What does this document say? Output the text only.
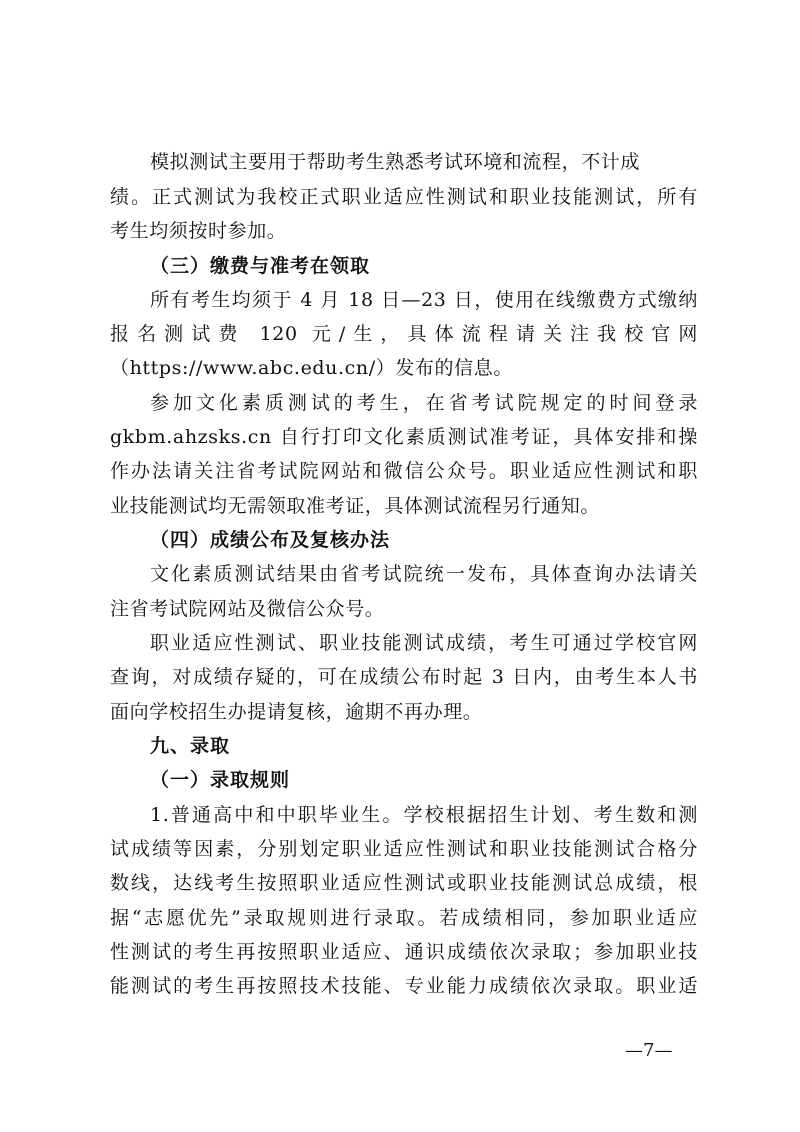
模拟测试主要用于帮助考生熟悉考试环境和流程，不计成
绩。正式测试为我校正式职业适应性测试和职业技能测试，所有
考生均须按时参加。
（三）缴费与准考在领取
所有考生均须于 4 月 18 日—23 日，使用在线缴费方式缴纳
报名测试费 120 元/生，具体流程请关注我校官网
（https://www.abc.edu.cn/）发布的信息。
参加文化素质测试的考生，在省考试院规定的时间登录
gkbm.ahzsks.cn 自行打印文化素质测试准考证，具体安排和操
作办法请关注省考试院网站和微信公众号。职业适应性测试和职
业技能测试均无需领取准考证，具体测试流程另行通知。
（四）成绩公布及复核办法
文化素质测试结果由省考试院统一发布，具体查询办法请关
注省考试院网站及微信公众号。
职业适应性测试、职业技能测试成绩，考生可通过学校官网
查询，对成绩存疑的，可在成绩公布时起 3 日内，由考生本人书
面向学校招生办提请复核，逾期不再办理。
九、录取
（一）录取规则
1.普通高中和中职毕业生。学校根据招生计划、考生数和测
试成绩等因素，分别划定职业适应性测试和职业技能测试合格分
数线，达线考生按照职业适应性测试或职业技能测试总成绩，根
据“志愿优先”录取规则进行录取。若成绩相同，参加职业适应
性测试的考生再按照职业适应、通识成绩依次录取；参加职业技
能测试的考生再按照技术技能、专业能力成绩依次录取。职业适
—7—
